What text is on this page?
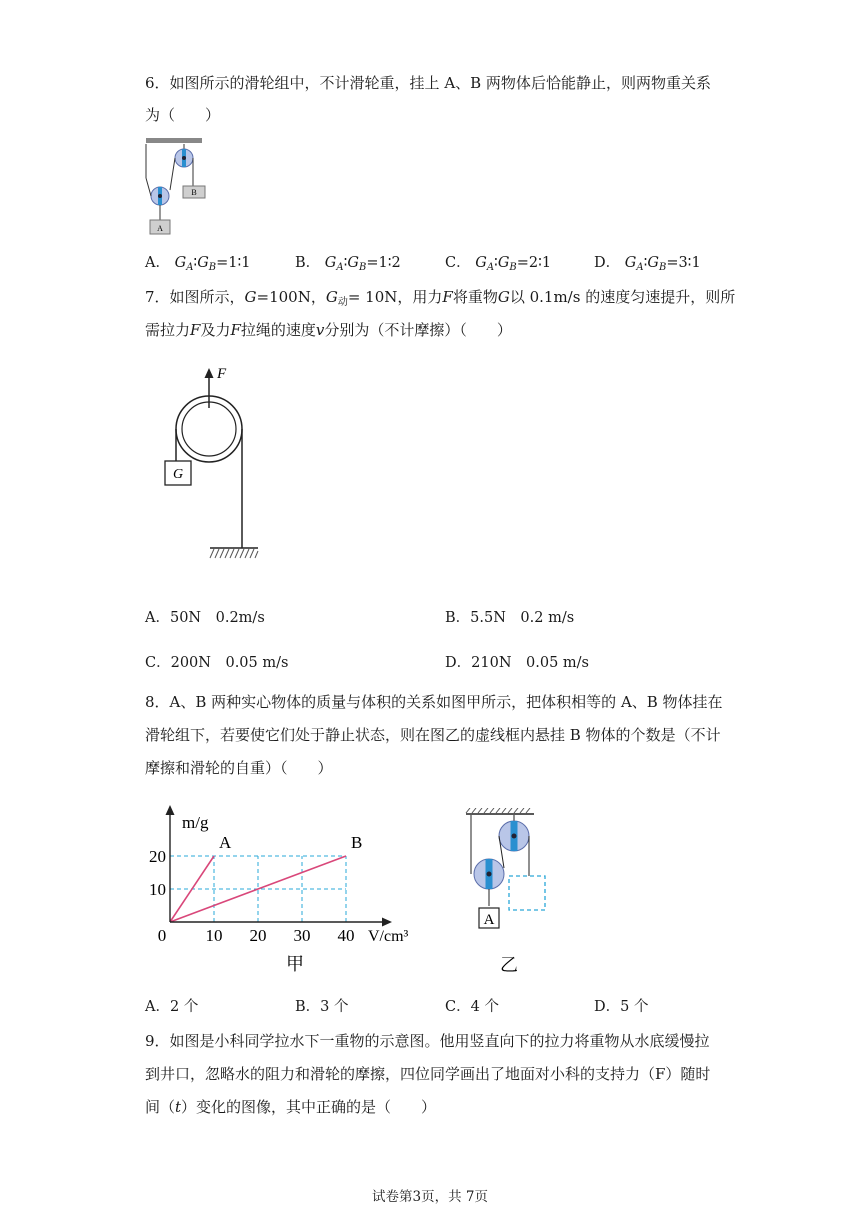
6．如图所示的滑轮组中，不计滑轮重，挂上 A、B 两物体后恰能静止，则两物重关系
为（　　）
B
A
A． $G_A∶G_B=1∶1$	B． $G_A∶G_B=1∶2$	C． $G_A∶G_B=2∶1$	D． $G_A∶G_B=3∶1$
7．如图所示，G=100N，$G_动= 10N$，用力F将重物G以 0.1m/s 的速度匀速提升，则所
需拉力F及力F拉绳的速度v分别为（不计摩擦）（　　）
F
G
A．50N　0.2m/s	B．5.5N　0.2 m/s
C．200N　0.05 m/s	D．210N　0.05 m/s
8．A、B 两种实心物体的质量与体积的关系如图甲所示，把体积相等的 A、B 物体挂在
滑轮组下，若要使它们处于静止状态，则在图乙的虚线框内悬挂 B 物体的个数是（不计
摩擦和滑轮的自重）（　　）
A	B
m/g
V/cm³
0 10 20 30 40
10
20
甲
A
乙
A．2 个	B．3 个	C．4 个	D．5 个
9．如图是小科同学拉水下一重物的示意图。他用竖直向下的拉力将重物从水底缓慢拉
到井口，忽略水的阻力和滑轮的摩擦，四位同学画出了地面对小科的支持力（F）随时
间（t）变化的图像，其中正确的是（　　）
试卷第3页，共 7页
